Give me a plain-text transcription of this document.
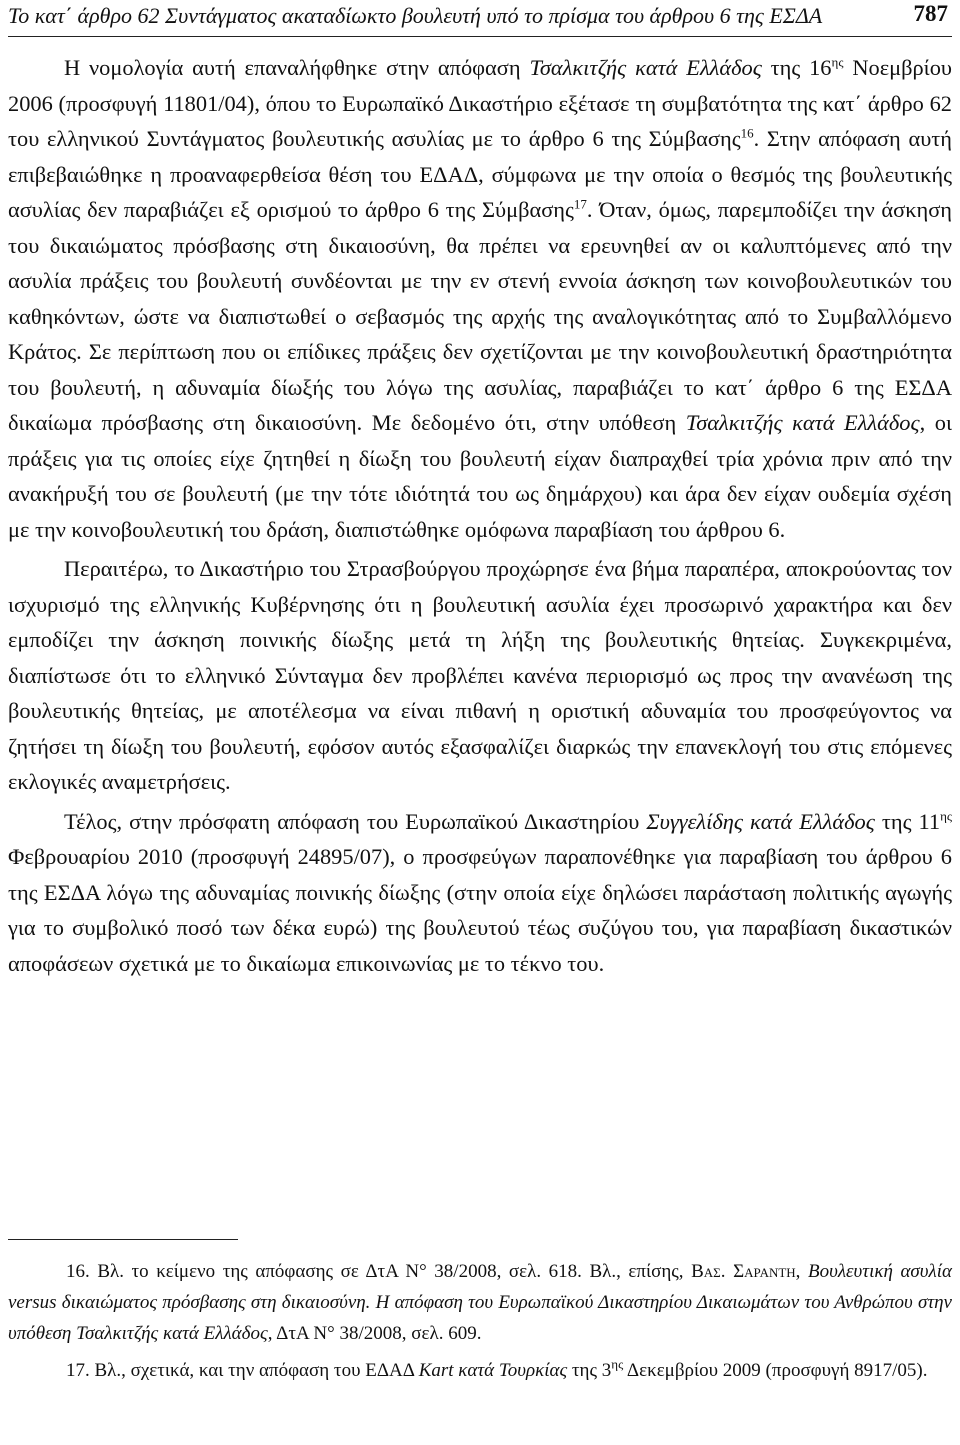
Το κατ΄ άρθρο 62 Συντάγματος ακαταδίωκτο βουλευτή υπό το πρίσμα του άρθρου 6 της ΕΣΔΑ	787

Η νομολογία αυτή επαναλήφθηκε στην απόφαση Τσαλκιτζής κατά Ελλάδος της $16^{\eta\varsigma}$ Νοεμβρίου 2006 (προσφυγή 11801/04), όπου το Ευρωπαϊκό Δικαστήριο εξέτασε τη συμβατότητα της κατ΄ άρθρο 62 του ελληνικού Συντάγματος βουλευτικής ασυλίας με το άρθρο 6 της Σύμβασης$^{16}$. Στην απόφαση αυτή επιβεβαιώθηκε η προαναφερθείσα θέση του ΕΔΑΔ, σύμφωνα με την οποία ο θεσμός της βουλευτικής ασυλίας δεν παραβιάζει εξ ορισμού το άρθρο 6 της Σύμβασης$^{17}$. Όταν, όμως, παρεμποδίζει την άσκηση του δικαιώματος πρόσβασης στη δικαιοσύνη, θα πρέπει να ερευνηθεί αν οι καλυπτόμενες από την ασυλία πράξεις του βουλευτή συνδέονται με την εν στενή εννοία άσκηση των κοινοβουλευτικών του καθηκόντων, ώστε να διαπιστωθεί ο σεβασμός της αρχής της αναλογικότητας από το Συμβαλλόμενο Κράτος. Σε περίπτωση που οι επίδικες πράξεις δεν σχετίζονται με την κοινοβουλευτική δραστηριότητα του βουλευτή, η αδυναμία δίωξής του λόγω της ασυλίας, παραβιάζει το κατ΄ άρθρο 6 της ΕΣΔΑ δικαίωμα πρόσβασης στη δικαιοσύνη. Με δεδομένο ότι, στην υπόθεση Τσαλκιτζής κατά Ελλάδος, οι πράξεις για τις οποίες είχε ζητηθεί η δίωξη του βουλευτή είχαν διαπραχθεί τρία χρόνια πριν από την ανακήρυξή του σε βουλευτή (με την τότε ιδιότητά του ως δημάρχου) και άρα δεν είχαν ουδεμία σχέση με την κοινοβουλευτική του δράση, διαπιστώθηκε ομόφωνα παραβίαση του άρθρου 6.

Περαιτέρω, το Δικαστήριο του Στρασβούργου προχώρησε ένα βήμα παραπέρα, αποκρούοντας τον ισχυρισμό της ελληνικής Κυβέρνησης ότι η βουλευτική ασυλία έχει προσωρινό χαρακτήρα και δεν εμποδίζει την άσκηση ποινικής δίωξης μετά τη λήξη της βουλευτικής θητείας. Συγκεκριμένα, διαπίστωσε ότι το ελληνικό Σύνταγμα δεν προβλέπει κανένα περιορισμό ως προς την ανανέωση της βουλευτικής θητείας, με αποτέλεσμα να είναι πιθανή η οριστική αδυναμία του προσφεύγοντος να ζητήσει τη δίωξη του βουλευτή, εφόσον αυτός εξασφαλίζει διαρκώς την επανεκλογή του στις επόμενες εκλογικές αναμετρήσεις.

Τέλος, στην πρόσφατη απόφαση του Ευρωπαϊκού Δικαστηρίου Συγγελίδης κατά Ελλάδος της $11^{\eta\varsigma}$ Φεβρουαρίου 2010 (προσφυγή 24895/07), ο προσφεύγων παραπονέθηκε για παραβίαση του άρθρου 6 της ΕΣΔΑ λόγω της αδυναμίας ποινικής δίωξης (στην οποία είχε δηλώσει παράσταση πολιτικής αγωγής για το συμβολικό ποσό των δέκα ευρώ) της βουλευτού τέως συζύγου του, για παραβίαση δικαστικών αποφάσεων σχετικά με το δικαίωμα επικοινωνίας με το τέκνο του.

16. Βλ. το κείμενο της απόφασης σε ΔτΑ Ν° 38/2008, σελ. 618. Βλ., επίσης, Βασ. Σαραντη, Βουλευτική ασυλία versus δικαιώματος πρόσβασης στη δικαιοσύνη. Η απόφαση του Ευρωπαϊκού Δικαστηρίου Δικαιωμάτων του Ανθρώπου στην υπόθεση Τσαλκιτζής κατά Ελλάδος, ΔτΑ Ν° 38/2008, σελ. 609.

17. Βλ., σχετικά, και την απόφαση του ΕΔΑΔ Kart κατά Τουρκίας της $3^{\eta\varsigma}$ Δεκεμβρίου 2009 (προσφυγή 8917/05).
